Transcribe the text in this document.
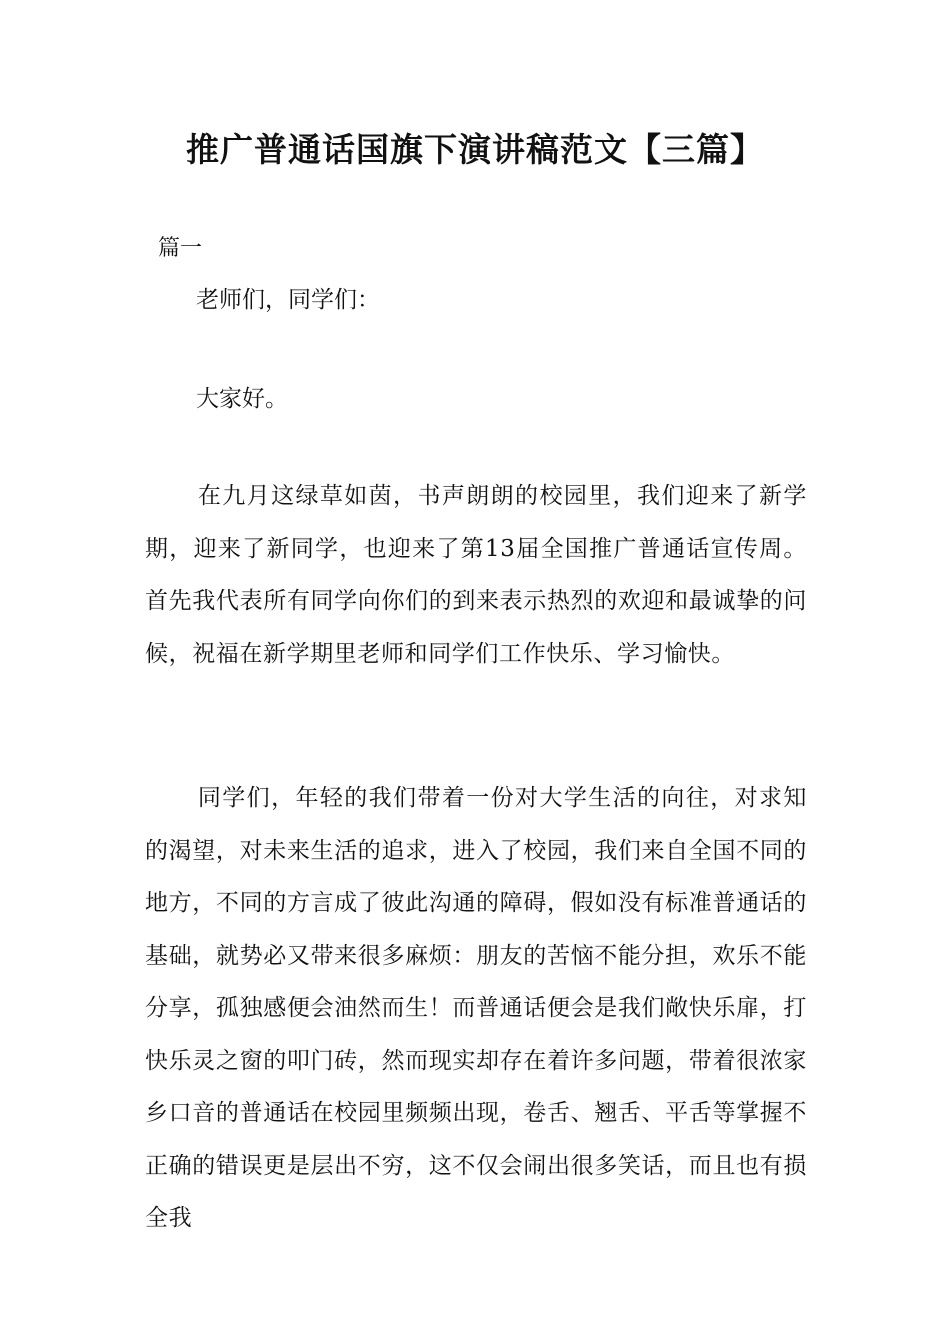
推广普通话国旗下演讲稿范文【三篇】

篇一

老师们，同学们：

大家好。

在九月这绿草如茵，书声朗朗的校园里，我们迎来了新学期，迎来了新同学，也迎来了第13届全国推广普通话宣传周。首先我代表所有同学向你们的到来表示热烈的欢迎和最诚挚的问候，祝福在新学期里老师和同学们工作快乐、学习愉快。

同学们，年轻的我们带着一份对大学生活的向往，对求知的渴望，对未来生活的追求，进入了校园，我们来自全国不同的地方，不同的方言成了彼此沟通的障碍，假如没有标准普通话的基础，就势必又带来很多麻烦：朋友的苦恼不能分担，欢乐不能分享，孤独感便会油然而生！而普通话便会是我们敞快乐扉，打快乐灵之窗的叩门砖，然而现实却存在着许多问题，带着很浓家乡口音的普通话在校园里频频出现，卷舌、翘舌、平舌等掌握不正确的错误更是层出不穷，这不仅会闹出很多笑话，而且也有损全我
